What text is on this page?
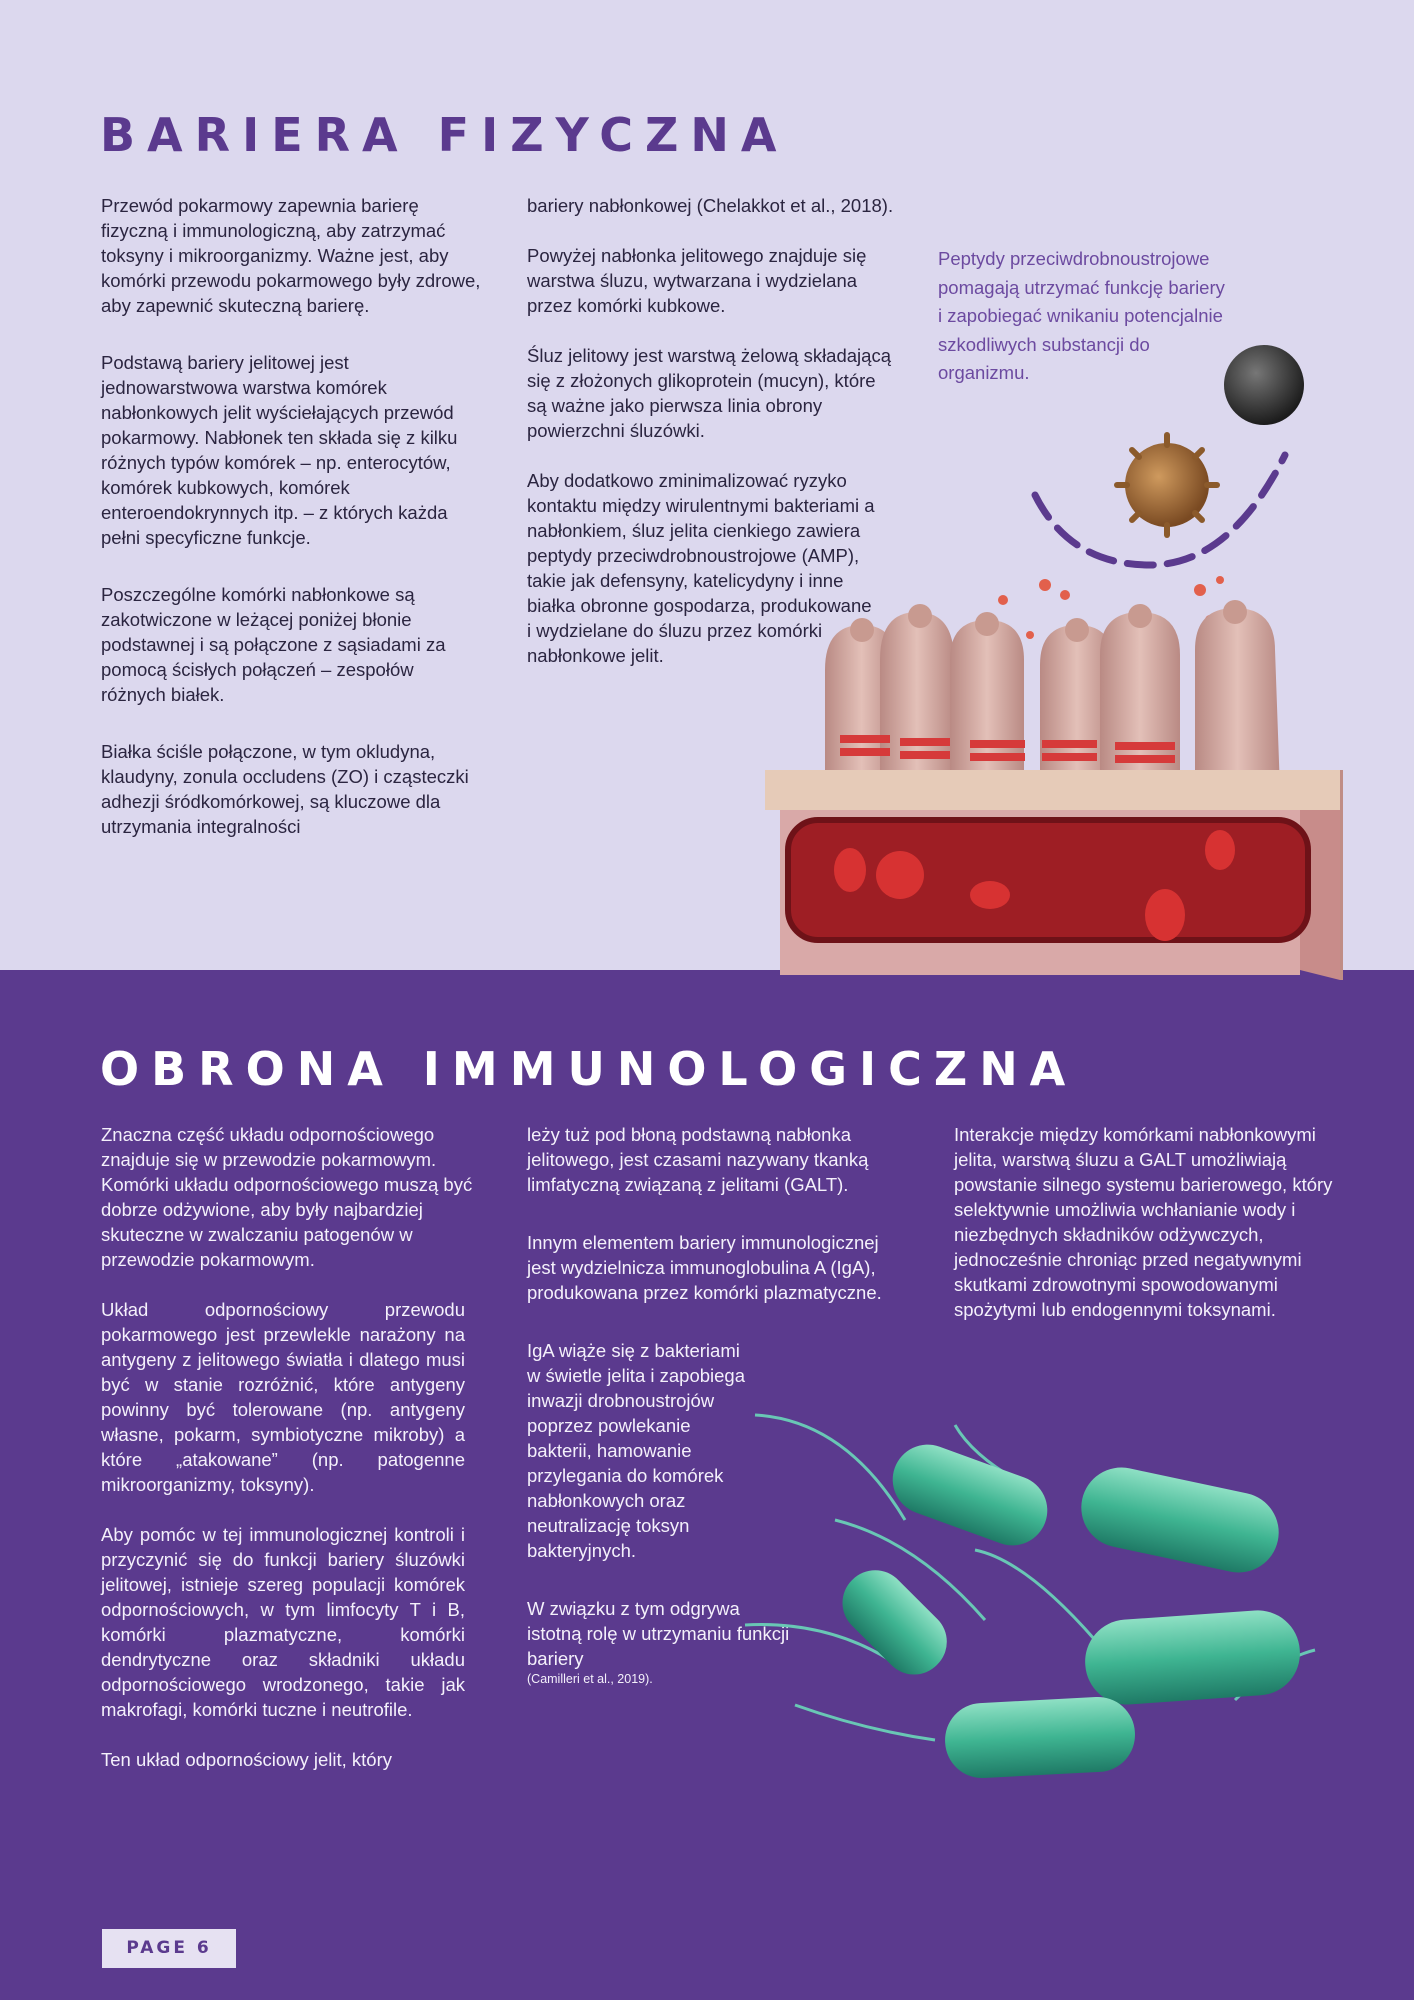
BARIERA FIZYCZNA

Przewód pokarmowy zapewnia barierę fizyczną i immunologiczną, aby zatrzymać toksyny i mikroorganizmy. Ważne jest, aby komórki przewodu pokarmowego były zdrowe, aby zapewnić skuteczną barierę.

Podstawą bariery jelitowej jest jednowarstwowa warstwa komórek nabłonkowych jelit wyściełających przewód pokarmowy. Nabłonek ten składa się z kilku różnych typów komórek – np. enterocytów, komórek kubkowych, komórek enteroendokrynnych itp. – z których każda pełni specyficzne funkcje.

Poszczególne komórki nabłonkowe są zakotwiczone w leżącej poniżej błonie podstawnej i są połączone z sąsiadami za pomocą ścisłych połączeń – zespołów różnych białek.

Białka ściśle połączone, w tym okludyna, klaudyny, zonula occludens (ZO) i cząsteczki adhezji śródkomórkowej, są kluczowe dla utrzymania integralności

bariery nabłonkowej (Chelakkot et al., 2018).

Powyżej nabłonka jelitowego znajduje się warstwa śluzu, wytwarzana i wydzielana przez komórki kubkowe.

Śluz jelitowy jest warstwą żelową składającą się z złożonych glikoprotein (mucyn), które są ważne jako pierwsza linia obrony powierzchni śluzówki.

Aby dodatkowo zminimalizować ryzyko kontaktu między wirulentnymi bakteriami a nabłonkiem, śluz jelita cienkiego zawiera peptydy przeciwdrobnoustrojowe (AMP), takie jak defensyny, katelicydyny i inne białka obronne gospodarza, produkowane i wydzielane do śluzu przez komórki nabłonkowe jelit.

Peptydy przeciwdrobnoustrojowe pomagają utrzymać funkcję bariery i zapobiegać wnikaniu potencjalnie szkodliwych substancji do organizmu.
OBRONA IMMUNOLOGICZNA

Znaczna część układu odpornościowego znajduje się w przewodzie pokarmowym. Komórki układu odpornościowego muszą być dobrze odżywione, aby były najbardziej skuteczne w zwalczaniu patogenów w przewodzie pokarmowym.

Układ odpornościowy przewodu pokarmowego jest przewlekle narażony na antygeny z jelitowego światła i dlatego musi być w stanie rozróżnić, które antygeny powinny być tolerowane (np. antygeny własne, pokarm, symbiotyczne mikroby) a które „atakowane” (np. patogenne mikroorganizmy, toksyny).

Aby pomóc w tej immunologicznej kontroli i przyczynić się do funkcji bariery śluzówki jelitowej, istnieje szereg populacji komórek odpornościowych, w tym limfocyty T i B, komórki plazmatyczne, komórki dendrytyczne oraz składniki układu odpornościowego wrodzonego, takie jak makrofagi, komórki tuczne i neutrofile.

Ten układ odpornościowy jelit, który

leży tuż pod błoną podstawną nabłonka jelitowego, jest czasami nazywany tkanką limfatyczną związaną z jelitami (GALT).

Innym elementem bariery immunologicznej jest wydzielnicza immunoglobulina A (IgA), produkowana przez komórki plazmatyczne.

IgA wiąże się z bakteriami w świetle jelita i zapobiega inwazji drobnoustrojów poprzez powlekanie bakterii, hamowanie przylegania do komórek nabłonkowych oraz neutralizację toksyn bakteryjnych.

W związku z tym odgrywa istotną rolę w utrzymaniu funkcji bariery

(Camilleri et al., 2019).

Interakcje między komórkami nabłonkowymi jelita, warstwą śluzu a GALT umożliwiają powstanie silnego systemu barierowego, który selektywnie umożliwia wchłanianie wody i niezbędnych składników odżywczych, jednocześnie chroniąc przed negatywnymi skutkami zdrowotnymi spowodowanymi spożytymi lub endogennymi toksynami.
PAGE 6
